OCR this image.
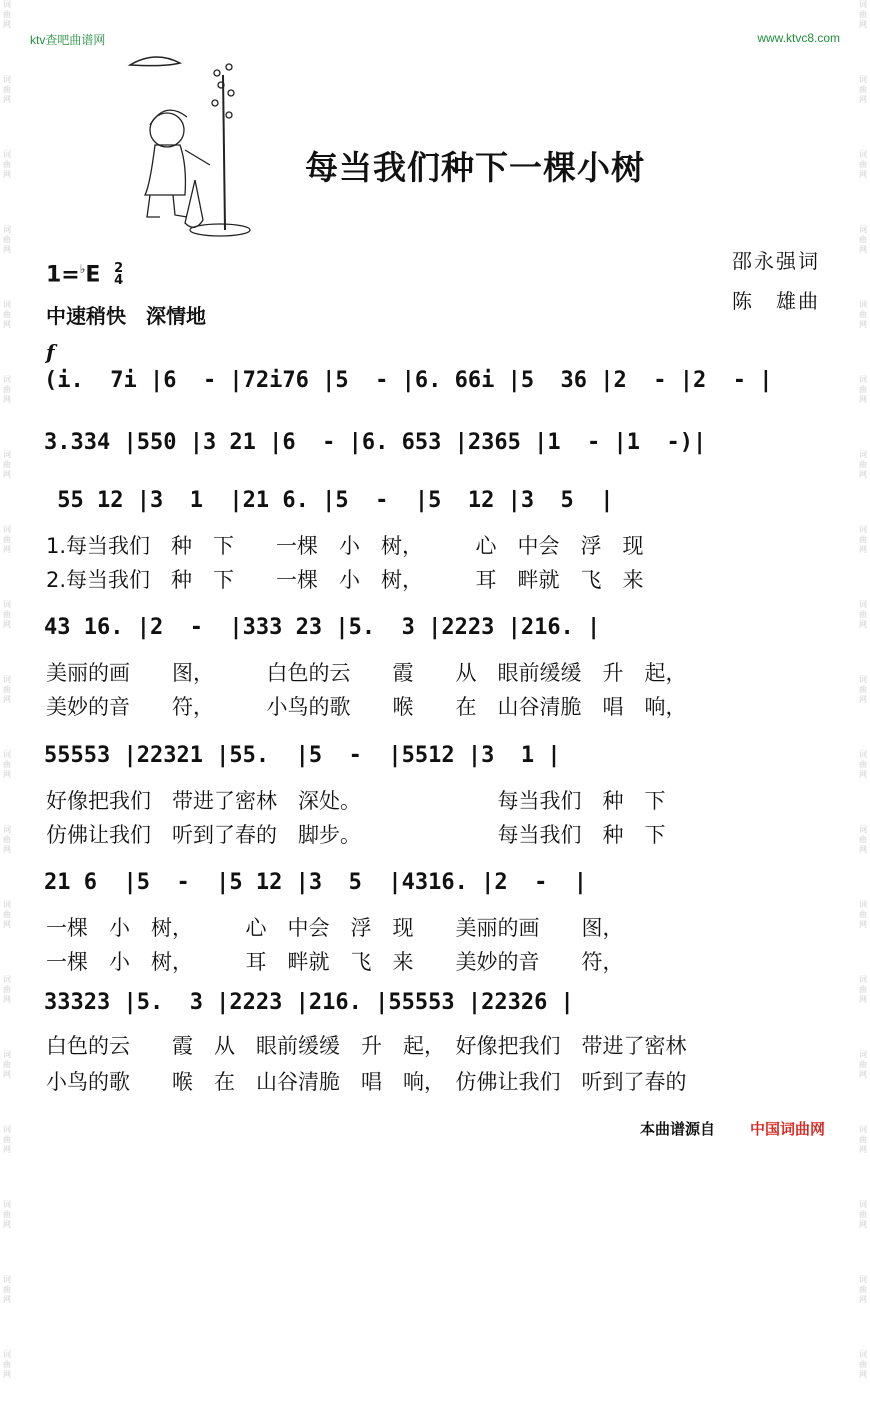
词
曲
网
词
曲
网
词
曲
网
词
曲
网
词
曲
网
词
曲
网
词
曲
网
词
曲
网
词
曲
网
词
曲
网
词
曲
网
词
曲
网
词
曲
网
词
曲
网
词
曲
网
词
曲
网
词
曲
网
词
曲
网
词
曲
网
词
曲
网
词
曲
网
词
曲
网
词
曲
网
词
曲
网
词
曲
网
词
曲
网
词
曲
网
词
曲
网
词
曲
网
词
曲
网
词
曲
网
词
曲
网
词
曲
网
词
曲
网
词
曲
网
词
曲
网
词
曲
网
词
曲
网
ktv查吧曲谱网	www.ktvc8.com
每当我们种下一棵小树
邵永强词
陈　雄曲
1=♭E 2
4
中速稍快　深情地
f
(i.  7i |6  - |72i76 |5  - |6. 66i |5  36 |2  - |2  - |
3.334 |550 |3 21 |6  - |6. 653 |2365 |1  - |1  -)|
55 12 |3  1  |21 6. |5  -  |5  12 |3  5  |
1.每当我们　种　下　　一棵　小　树，　　　心　中会　浮　现
2.每当我们　种　下　　一棵　小　树，　　　耳　畔就　飞　来
43 16. |2  -  |333 23 |5.  3 |2223 |216. |
美丽的画　　图，　　　白色的云　　霞　　从　眼前缓缓　升　起，
美妙的音　　符，　　　小鸟的歌　　喉　　在　山谷清脆　唱　响，
55553 |22321 |55.  |5  -  |5512 |3  1 |
好像把我们　带进了密林　深处。　　　　　　　每当我们　种　下
仿佛让我们　听到了春的　脚步。　　　　　　　每当我们　种　下
21 6  |5  -  |5 12 |3  5  |4316. |2  -  |
一棵　小　树，　　　心　中会　浮　现　　美丽的画　　图，
一棵　小　树，　　　耳　畔就　飞　来　　美妙的音　　符，
33323 |5.  3 |2223 |216. |55553 |22326 |
白色的云　　霞　从　眼前缓缓　升　起，　好像把我们　带进了密林
小鸟的歌　　喉　在　山谷清脆　唱　响，　仿佛让我们　听到了春的
本曲谱源自 中国词曲网
